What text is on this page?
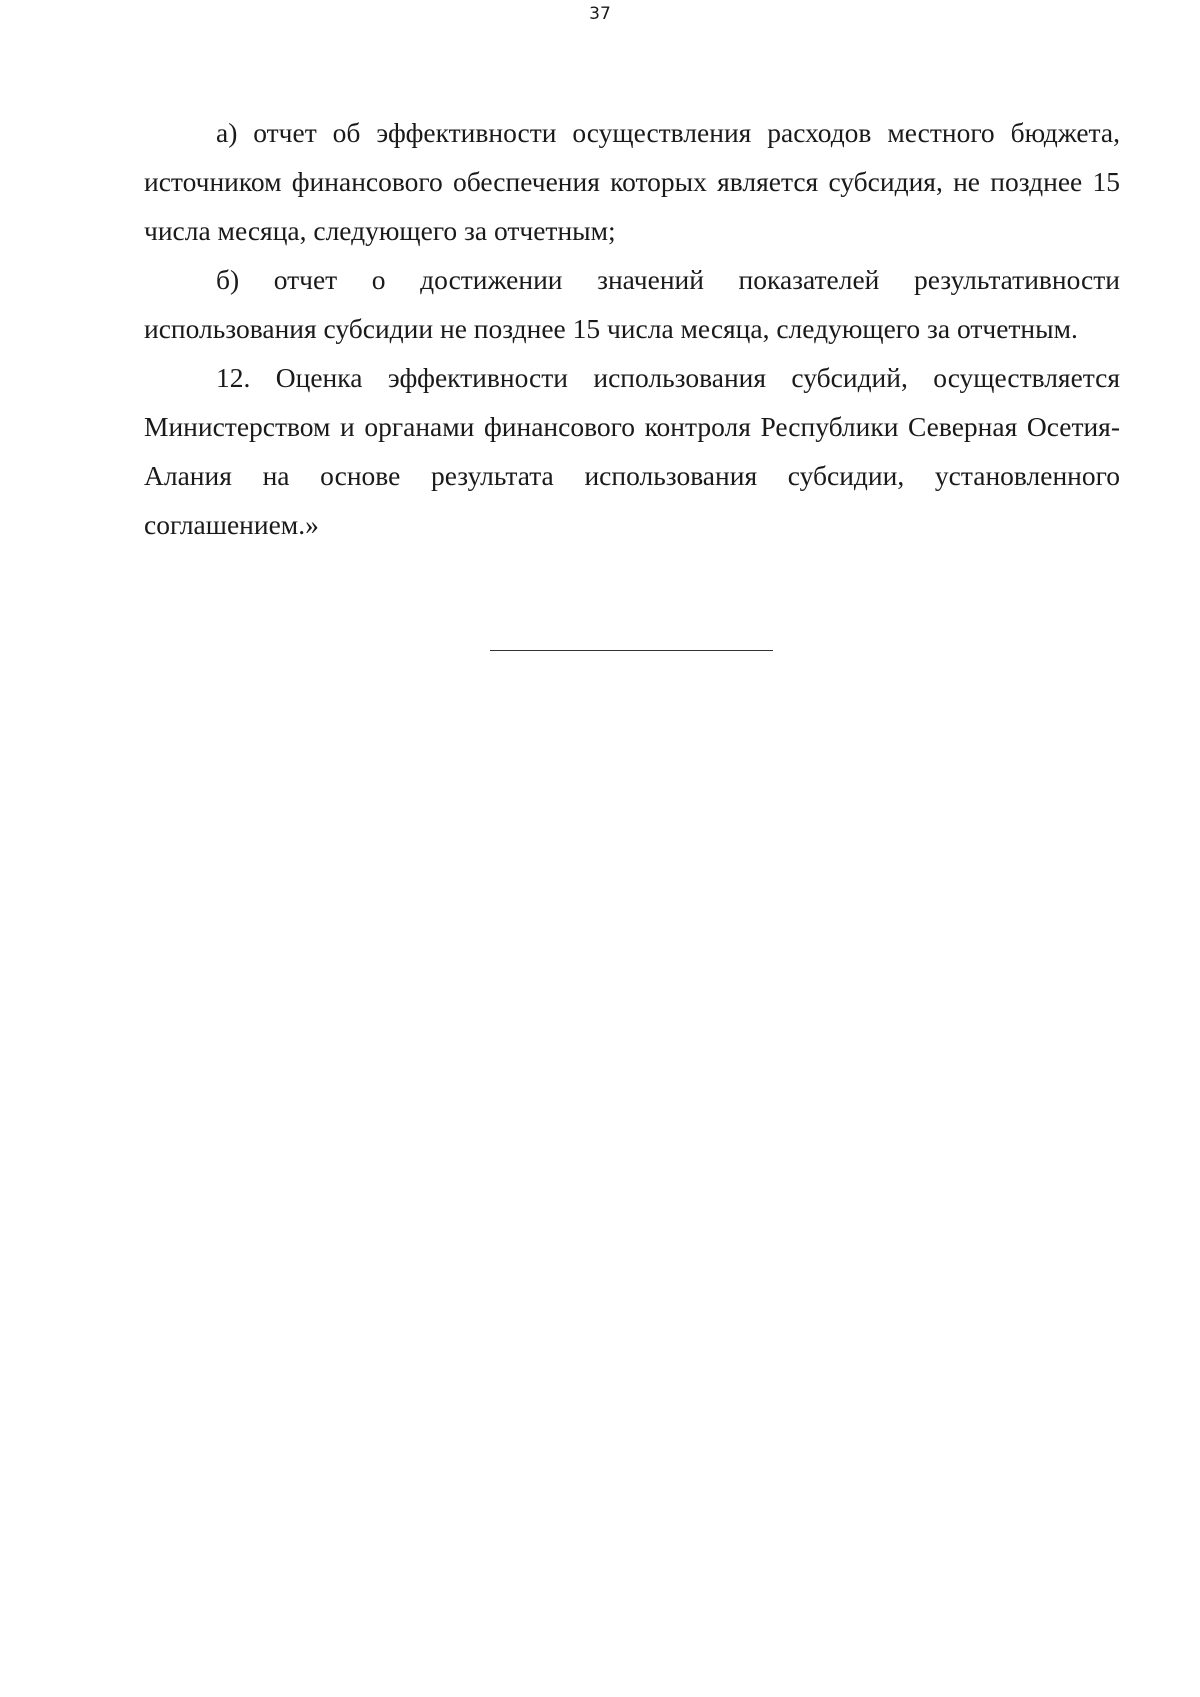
37

а) отчет об эффективности осуществления расходов местного бюджета, источником финансового обеспечения которых является субсидия, не позднее 15 числа месяца, следующего за отчетным;

б) отчет о достижении значений показателей результативности использования субсидии не позднее 15 числа месяца, следующего за отчетным.

12. Оценка эффективности использования субсидий, осуществляется Министерством и органами финансового контроля Республики Северная Осетия-Алания на основе результата использования субсидии, установленного соглашением.»
